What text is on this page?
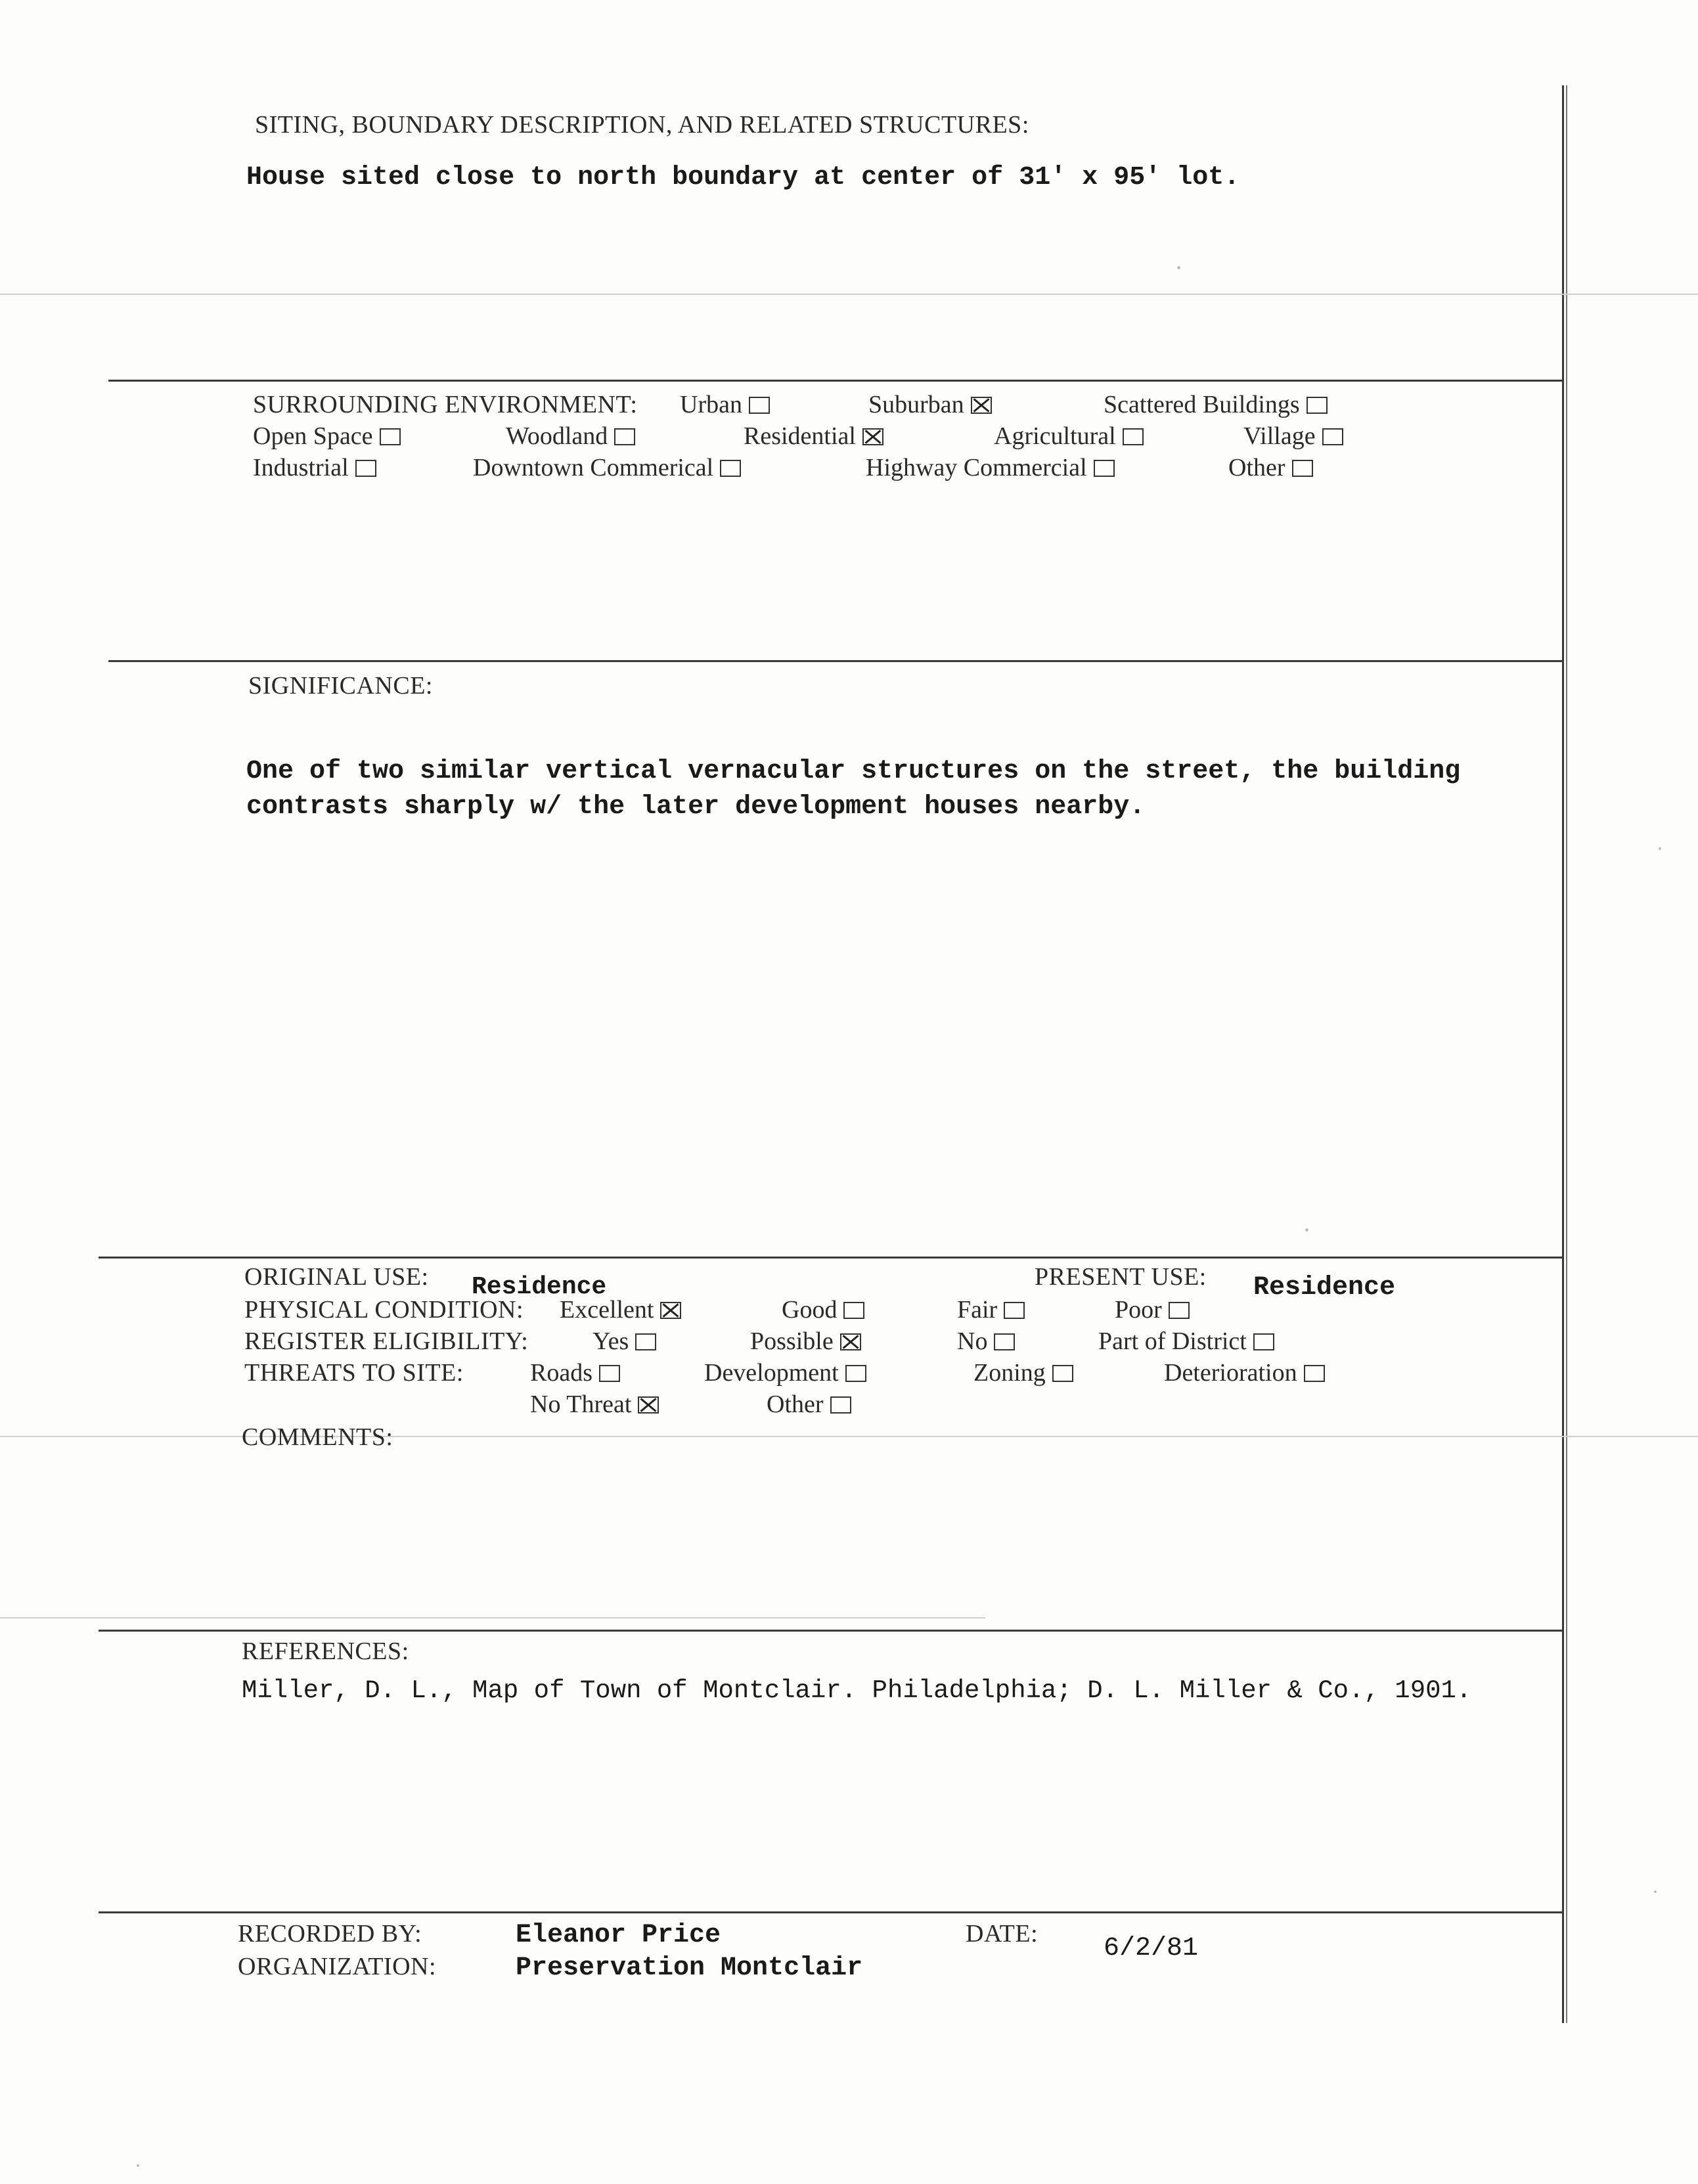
SITING, BOUNDARY DESCRIPTION, AND RELATED STRUCTURES:
House sited close to north boundary at center of 31' x 95' lot.
SURROUNDING ENVIRONMENT: Urban	Suburban	Scattered Buildings
Open Space	Woodland	Residential	Agricultural	Village
Industrial	Downtown Commerical	Highway Commercial	Other
SIGNIFICANCE:
One of two similar vertical vernacular structures on the street, the building
contrasts sharply w/ the later development houses nearby.
ORIGINAL USE: Residence	PRESENT USE: Residence
PHYSICAL CONDITION: Excellent	Good	Fair	Poor
REGISTER ELIGIBILITY:	Yes	Possible	No	Part of District
THREATS TO SITE:	Roads	Development	Zoning	Deterioration
No Threat	Other
COMMENTS:
REFERENCES:
Miller, D. L., Map of Town of Montclair. Philadelphia; D. L. Miller & Co., 1901.
RECORDED BY:	Eleanor Price
ORGANIZATION:	Preservation Montclair
DATE: 6/2/81
